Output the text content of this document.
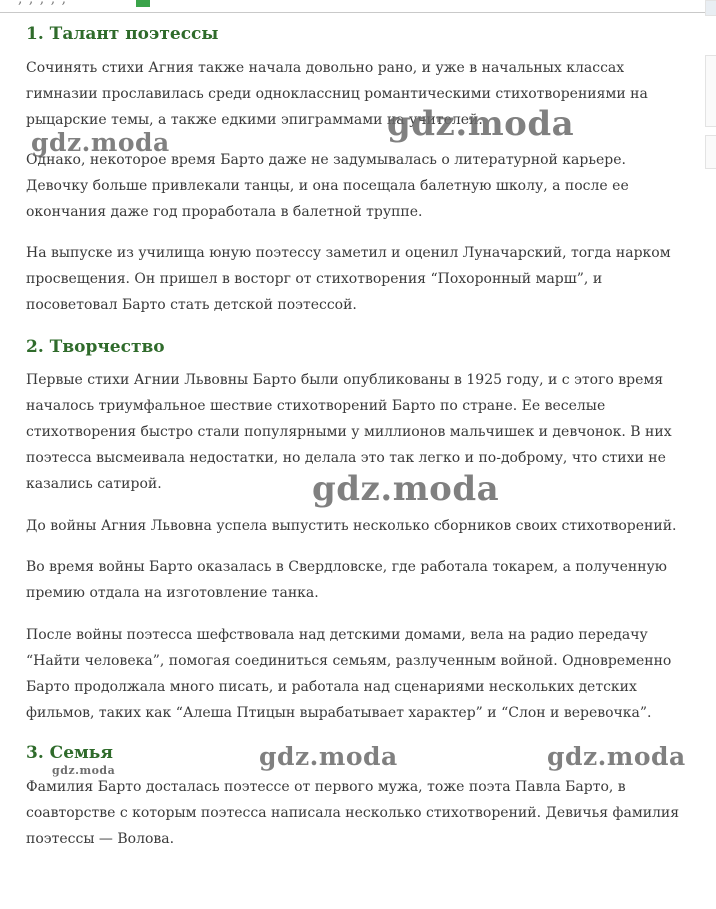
1. Талант поэтессы

Сочинять стихи Агния также начала довольно рано, и уже в начальных классах гимназии прославилась среди одноклассниц романтическими стихотворениями на рыцарские темы, а также едкими эпиграммами на учителей.

Однако, некоторое время Барто даже не задумывалась о литературной карьере. Девочку больше привлекали танцы, и она посещала балетную школу, а после ее окончания даже год проработала в балетной труппе.

На выпуске из училища юную поэтессу заметил и оценил Луначарский, тогда нарком просвещения. Он пришел в восторг от стихотворения “Похоронный марш”, и посоветовал Барто стать детской поэтессой.

2. Творчество

Первые стихи Агнии Львовны Барто были опубликованы в 1925 году, и с этого время началось триумфальное шествие стихотворений Барто по стране. Ее веселые стихотворения быстро стали популярными у миллионов мальчишек и девчонок. В них поэтесса высмеивала недостатки, но делала это так легко и по-доброму, что стихи не казались сатирой.

До войны Агния Львовна успела выпустить несколько сборников своих стихотворений.

Во время войны Барто оказалась в Свердловске, где работала токарем, а полученную премию отдала на изготовление танка.

После войны поэтесса шефствовала над детскими домами, вела на радио передачу “Найти человека”, помогая соединиться семьям, разлученным войной. Одновременно Барто продолжала много писать, и работала над сценариями нескольких детских фильмов, таких как “Алеша Птицын вырабатывает характер” и “Слон и веревочка”.

3. Семья

Фамилия Барто досталась поэтессе от первого мужа, тоже поэта Павла Барто, в соавторстве с которым поэтесса написала несколько стихотворений. Девичья фамилия поэтессы — Волова.

gdz.moda
gdz.moda
gdz.moda
gdz.moda	gdz.moda
gdz.moda
